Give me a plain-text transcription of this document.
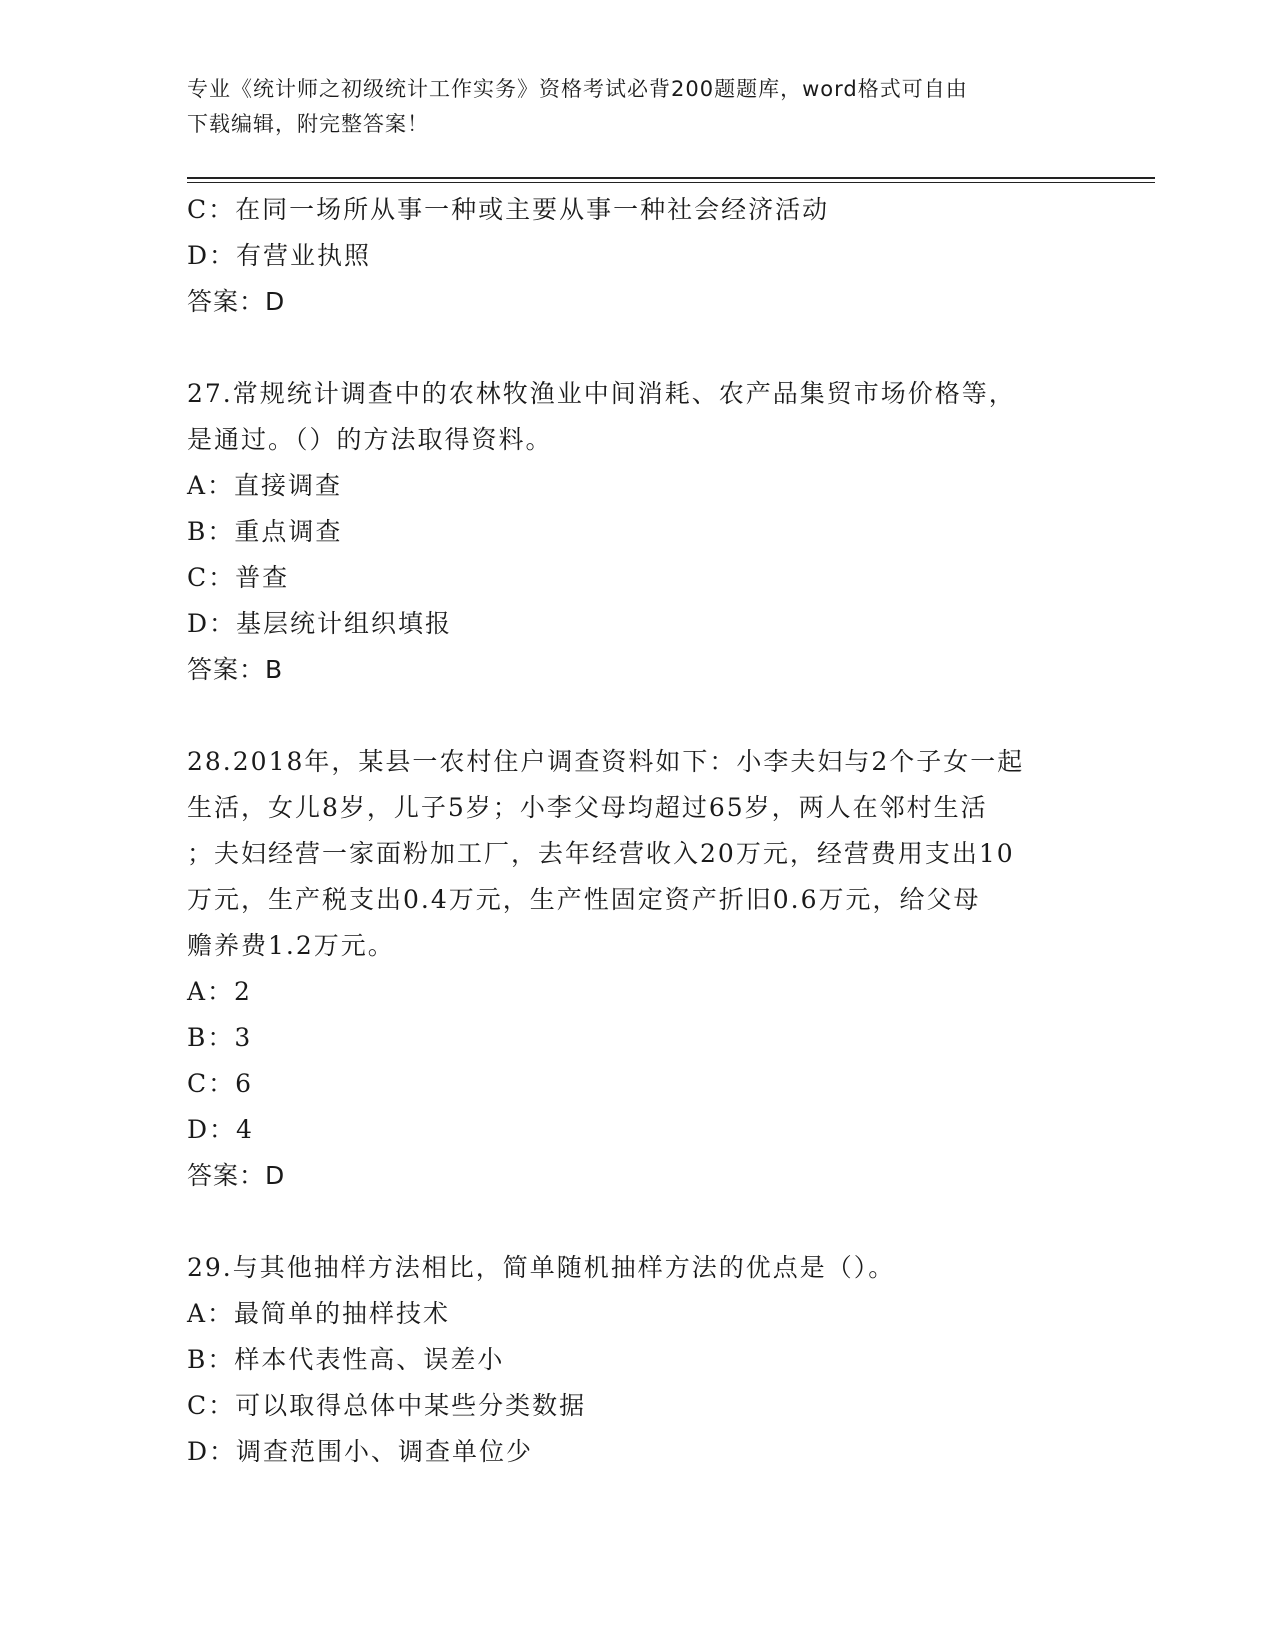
专业《统计师之初级统计工作实务》资格考试必背200题题库，word格式可自由
下载编辑，附完整答案！
C：在同一场所从事一种或主要从事一种社会经济活动
D：有营业执照
答案：D
27.常规统计调查中的农林牧渔业中间消耗、农产品集贸市场价格等，
是通过。（）的方法取得资料。
A：直接调查
B：重点调查
C：普查
D：基层统计组织填报
答案：B
28.2018年，某县一农村住户调查资料如下：小李夫妇与2个子女一起
生活，女儿8岁，儿子5岁；小李父母均超过65岁，两人在邻村生活
；夫妇经营一家面粉加工厂，去年经营收入20万元，经营费用支出10
万元，生产税支出0.4万元，生产性固定资产折旧0.6万元，给父母
赡养费1.2万元。
A：2
B：3
C：6
D：4
答案：D
29.与其他抽样方法相比，简单随机抽样方法的优点是（）。
A：最简单的抽样技术
B：样本代表性高、误差小
C：可以取得总体中某些分类数据
D：调查范围小、调查单位少
